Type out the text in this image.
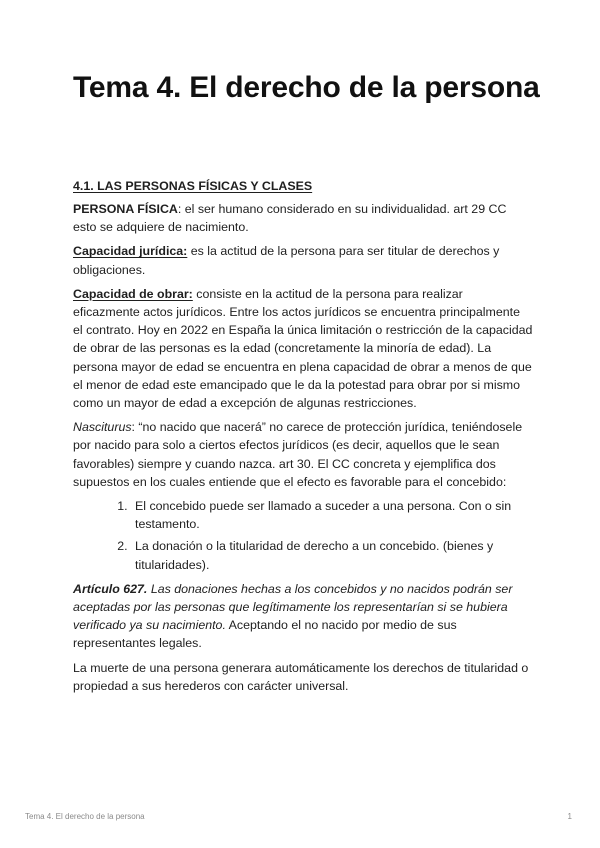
Tema 4. El derecho de la persona
4.1. LAS PERSONAS FÍSICAS Y CLASES

PERSONA FÍSICA: el ser humano considerado en su individualidad. art 29 CC esto se adquiere de nacimiento.

Capacidad jurídica: es la actitud de la persona para ser titular de derechos y obligaciones.

Capacidad de obrar: consiste en la actitud de la persona para realizar eficazmente actos jurídicos. Entre los actos jurídicos se encuentra principalmente el contrato. Hoy en 2022 en España la única limitación o restricción de la capacidad de obrar de las personas es la edad (concretamente la minoría de edad). La persona mayor de edad se encuentra en plena capacidad de obrar a menos de que el menor de edad este emancipado que le da la potestad para obrar por si mismo como un mayor de edad a excepción de algunas restricciones.

Nasciturus: “no nacido que nacerá” no carece de protección jurídica, teniéndosele por nacido para solo a ciertos efectos jurídicos (es decir, aquellos que le sean favorables) siempre y cuando nazca. art 30. El CC concreta y ejemplifica dos supuestos en los cuales entiende que el efecto es favorable para el concebido:

1. El concebido puede ser llamado a suceder a una persona. Con o sin testamento.
2. La donación o la titularidad de derecho a un concebido. (bienes y titularidades).

Artículo 627. Las donaciones hechas a los concebidos y no nacidos podrán ser aceptadas por las personas que legítimamente los representarían si se hubiera verificado ya su nacimiento. Aceptando el no nacido por medio de sus representantes legales.

La muerte de una persona generara automáticamente los derechos de titularidad o propiedad a sus herederos con carácter universal.

Tema 4. El derecho de la persona	1
